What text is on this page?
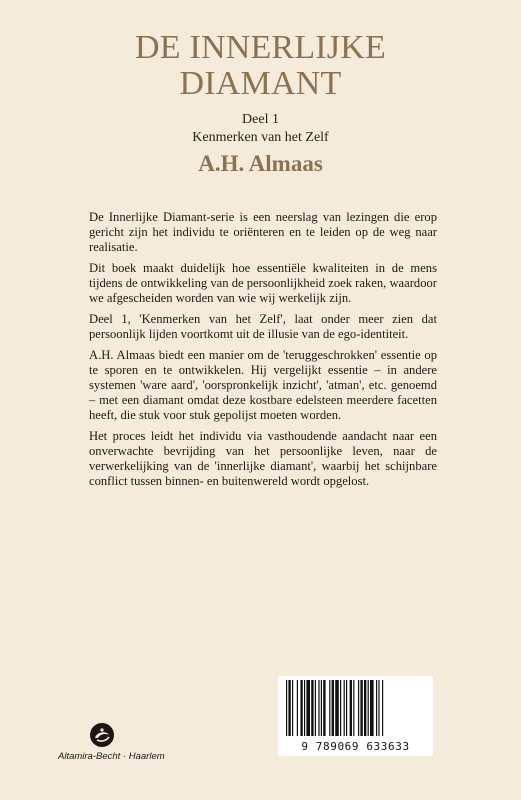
DE INNERLIJKE
DIAMANT
Deel 1
Kenmerken van het Zelf
A.H. Almaas

De Innerlijke Diamant-serie is een neerslag van lezingen die erop gericht zijn het individu te oriënteren en te leiden op de weg naar realisatie.

Dit boek maakt duidelijk hoe essentiële kwaliteiten in de mens tijdens de ontwikkeling van de persoonlijkheid zoek raken, waardoor we afgescheiden worden van wie wij werkelijk zijn.

Deel 1, 'Kenmerken van het Zelf', laat onder meer zien dat persoonlijk lijden voortkomt uit de illusie van de ego-identiteit.

A.H. Almaas biedt een manier om de 'teruggeschrokken' essentie op te sporen en te ontwikkelen. Hij vergelijkt essentie – in andere systemen 'ware aard', 'oorspronkelijk inzicht', 'atman', etc. genoemd – met een diamant omdat deze kostbare edelsteen meerdere facetten heeft, die stuk voor stuk gepolijst moeten worden.

Het proces leidt het individu via vasthoudende aandacht naar een onverwachte bevrijding van het persoonlijke leven, naar de verwerkelijking van de 'innerlijke diamant', waarbij het schijnbare conflict tussen binnen- en buitenwereld wordt opgelost.

Altamira-Becht · Haarlem
9 789069 633633
